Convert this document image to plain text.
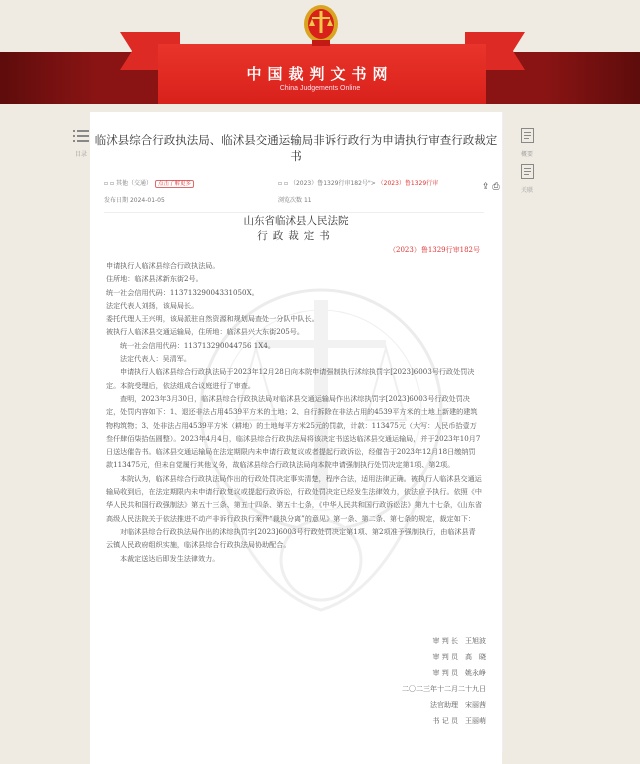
中国裁判文书网
China Judgements Online
目录	概要
关联
临沭县综合行政执法局、临沭县交通运输局非诉行政行为申请执行审查行政裁定书
▫ ▫ 其他（交通） 点击了解更多
发布日期 2024-01-05
▫ ▫ （2023）鲁1329行审182号"> （2023）鲁1329行审
浏览次数 11
⇪ ⎙
山东省临沭县人民法院
行政裁定书
（2023）鲁1329行审182号

申请执行人临沭县综合行政执法局。

住所地：临沭县沭新东街2号。

统一社会信用代码：11371329004331050X。

法定代表人刘扬，该局局长。

委托代理人王兴明，该局派驻自然资源和规划局查处一分队中队长。

被执行人临沭县交通运输局，住所地：临沭县兴大东街205号。

统一社会信用代码：113713290044756 1X4。

法定代表人：吴清军。

申请执行人临沭县综合行政执法局于2023年12月28日向本院申请强制执行沭综执罚字[2023]6003号行政处罚决定。本院受理后，依法组成合议庭进行了审查。

查明，2023年3月30日，临沭县综合行政执法局对临沭县交通运输局作出沭综执罚字[2023]6003号行政处罚决定，处罚内容如下：1、退还非法占用4539平方米的土地；2、自行拆除在非法占用的4539平方米的土地上新建的建筑物构筑物；3、处非法占用4539平方米（耕地）的土地每平方米25元的罚款，计款：113475元（大写：人民币拾壹万叁仟肆佰柒拾伍圆整）。2023年4月4日，临沭县综合行政执法局将该决定书送达临沭县交通运输局，并于2023年10月7日送达催告书。临沭县交通运输局在法定期限内未申请行政复议或者提起行政诉讼，经催告于2023年12月18日缴纳罚款113475元，但未自觉履行其他义务，故临沭县综合行政执法局向本院申请强制执行处罚决定第1项、第2项。

本院认为，临沭县综合行政执法局作出的行政处罚决定事实清楚，程序合法，适用法律正确。被执行人临沭县交通运输局收到后，在法定期限内未申请行政复议或提起行政诉讼，行政处罚决定已经发生法律效力，依法应予执行。依照《中华人民共和国行政强制法》第五十三条、第五十四条、第五十七条，《中华人民共和国行政诉讼法》第九十七条，《山东省高级人民法院关于依法推进不动产非诉行政执行案件“裁执分离”的意见》第一条、第二条、第七条的规定，裁定如下：

对临沭县综合行政执法局作出的沭综执罚字[2023]6003号行政处罚决定第1项、第2项准予强制执行，由临沭县青云镇人民政府组织实施，临沭县综合行政执法局协助配合。

本裁定送达后即发生法律效力。

审 判 长　 王旭波
审 判 员　 高　晓
审 判 员　 姚永峥
二〇二三年十二月二十九日
法官助理　 宋丽茜
书 记 员　 王丽萌
